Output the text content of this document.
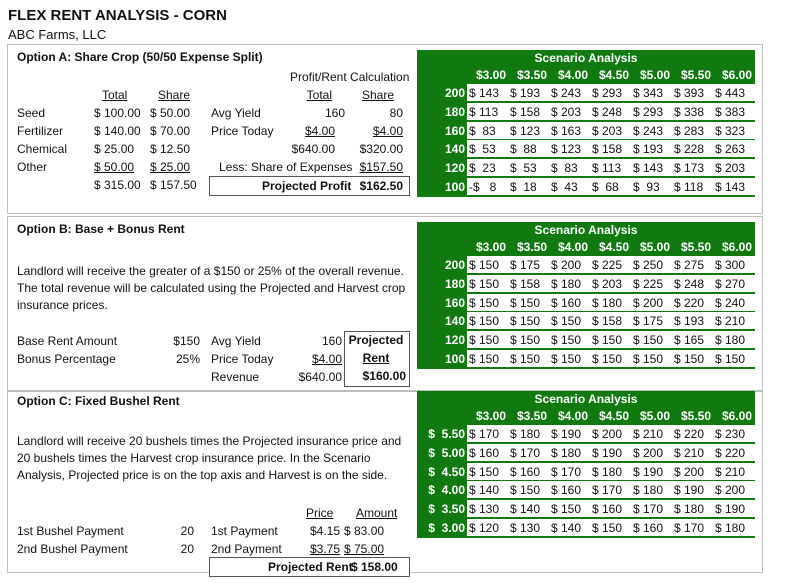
FLEX RENT ANALYSIS - CORN
ABC Farms, LLC
Option A: Share Crop (50/50 Expense Split)
Profit/Rent Calculation
Total	Share	Total	Share
Seed	$ 100.00 $ 50.00
Fertilizer	$ 140.00 $ 70.00
Chemical $ 25.00 $ 12.50
Other	$ 50.00 $ 25.00
$ 315.00 $ 157.50
Avg Yield	160	80
Price Today	$4.00	$4.00
$640.00	$320.00
Less: Share of Expenses $157.50
Projected Profit $162.50
Scenario Analysis
$3.00 $3.50 $4.00 $4.50 $5.00 $5.50 $6.00
200 $ 143 $ 193 $ 243 $ 293 $ 343 $ 393 $ 443
180 $ 113 $ 158 $ 203 $ 248 $ 293 $ 338 $ 383
160 $  83	$ 123 $ 163 $ 203 $ 243 $ 283 $ 323
140 $  53	$  88	$ 123 $ 158 $ 193 $ 228 $ 263
120 $  23	$  53	$  83	$ 113 $ 143 $ 173 $ 203
100 -$   8	$  18	$  43	$  68	$  93	$ 118 $ 143
Option B: Base + Bonus Rent
Landlord will receive the greater of a $150 or 25% of the overall revenue.
The total revenue will be calculated using the Projected and Harvest crop
insurance prices.
Base Rent Amount	$150
Bonus Percentage	25%
Avg Yield	160
Price Today	$4.00
Revenue	$640.00
Projected
Rent
$160.00
Scenario Analysis
$3.00 $3.50 $4.00 $4.50 $5.00 $5.50 $6.00
200 $ 150 $ 175 $ 200 $ 225 $ 250 $ 275 $ 300
180 $ 150 $ 158 $ 180 $ 203 $ 225 $ 248 $ 270
160 $ 150 $ 150 $ 160 $ 180 $ 200 $ 220 $ 240
140 $ 150 $ 150 $ 150 $ 158 $ 175 $ 193 $ 210
120 $ 150 $ 150 $ 150 $ 150 $ 150 $ 165 $ 180
100 $ 150 $ 150 $ 150 $ 150 $ 150 $ 150 $ 150
Option C: Fixed Bushel Rent
Landlord will receive 20 bushels times the Projected insurance price and
20 bushels times the Harvest crop insurance price. In the Scenario
Analysis, Projected price is on the top axis and Harvest is on the side.
Price Amount
1st Bushel Payment	20 1st Payment	$4.15 $ 83.00
2nd Bushel Payment	20 2nd Payment	$3.75 $ 75.00
Projected Rent
$ 158.00
Scenario Analysis
$3.00 $3.50 $4.00 $4.50 $5.00 $5.50 $6.00
$  5.50 $ 170 $ 180 $ 190 $ 200 $ 210 $ 220 $ 230
$  5.00 $ 160 $ 170 $ 180 $ 190 $ 200 $ 210 $ 220
$  4.50 $ 150 $ 160 $ 170 $ 180 $ 190 $ 200 $ 210
$  4.00 $ 140 $ 150 $ 160 $ 170 $ 180 $ 190 $ 200
$  3.50 $ 130 $ 140 $ 150 $ 160 $ 170 $ 180 $ 190
$  3.00 $ 120 $ 130 $ 140 $ 150 $ 160 $ 170 $ 180
